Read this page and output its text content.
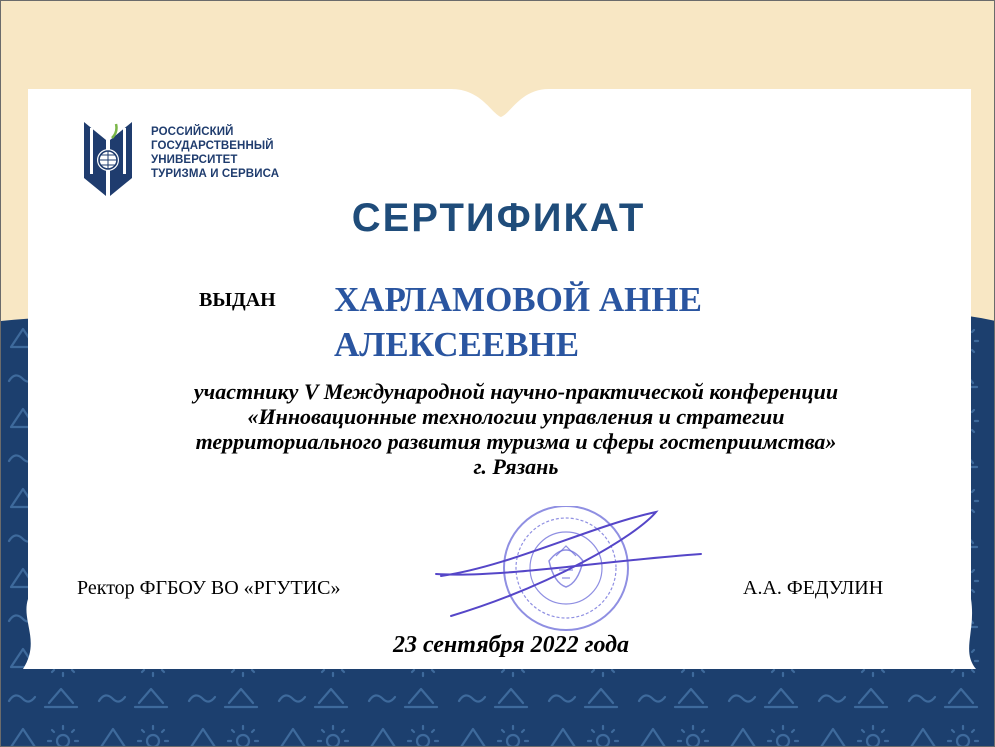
РОССИЙСКИЙ
ГОСУДАРСТВЕННЫЙ
УНИВЕРСИТЕТ
ТУРИЗМА И СЕРВИСА
СЕРТИФИКАТ
ВЫДАН ХАРЛАМОВОЙ АННЕ
АЛЕКСЕЕВНЕ
участнику V Международной научно-практической конференции
«Инновационные технологии управления и стратегии
территориального развития туризма и сферы гостеприимства»
г. Рязань
Ректор ФГБОУ ВО «РГУТИС»	А.А. ФЕДУЛИН
23 сентября 2022 года
